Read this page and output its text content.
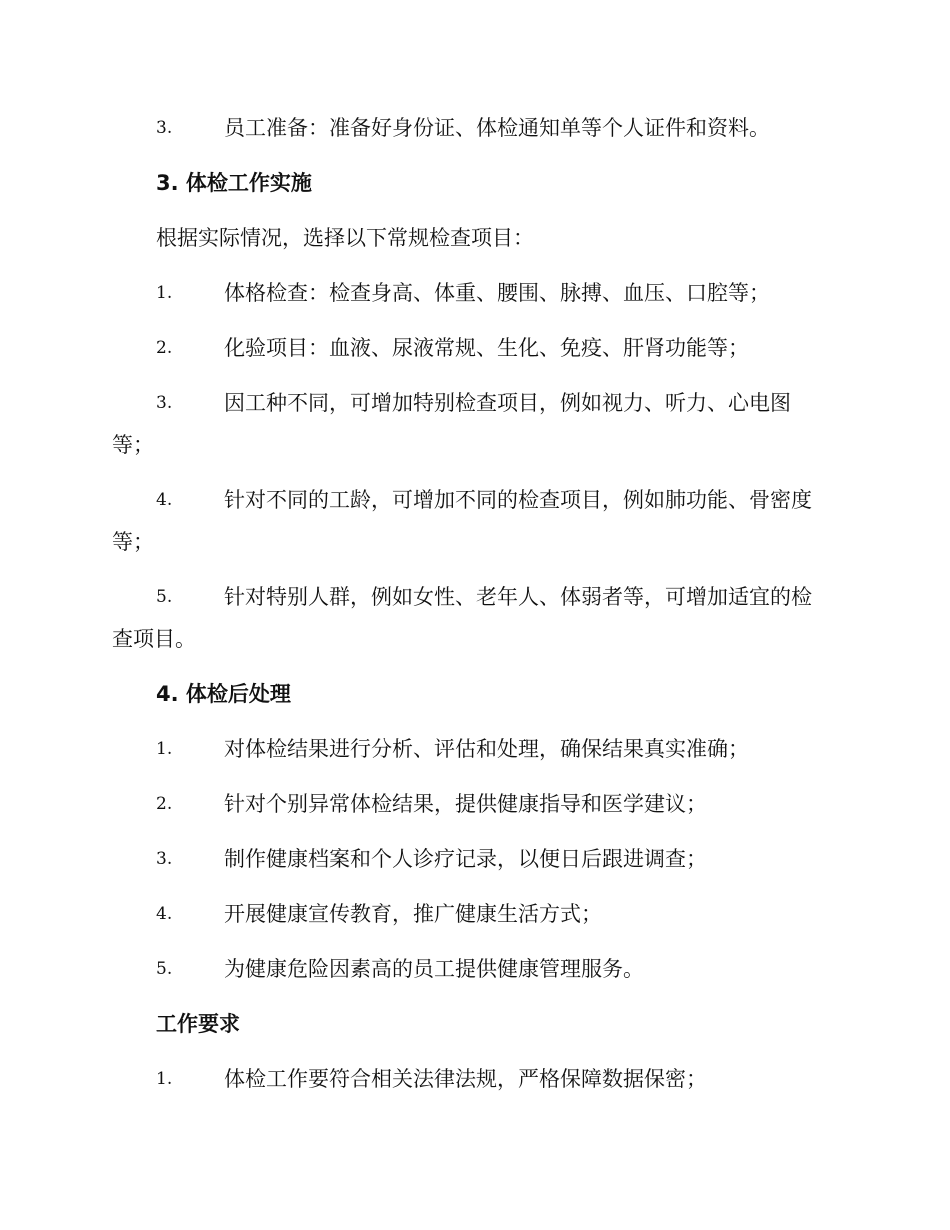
3. 员工准备：准备好身份证、体检通知单等个人证件和资料。
3. 体检工作实施
根据实际情况，选择以下常规检查项目：
1. 体格检查：检查身高、体重、腰围、脉搏、血压、口腔等；
2. 化验项目：血液、尿液常规、生化、免疫、肝肾功能等；
3. 因工种不同，可增加特别检查项目，例如视力、听力、心电图
等；
4. 针对不同的工龄，可增加不同的检查项目，例如肺功能、骨密度
等；
5. 针对特别人群，例如女性、老年人、体弱者等，可增加适宜的检
查项目。
4. 体检后处理
1. 对体检结果进行分析、评估和处理，确保结果真实准确；
2. 针对个别异常体检结果，提供健康指导和医学建议；
3. 制作健康档案和个人诊疗记录，以便日后跟进调查；
4. 开展健康宣传教育，推广健康生活方式；
5. 为健康危险因素高的员工提供健康管理服务。
工作要求
1. 体检工作要符合相关法律法规，严格保障数据保密；
